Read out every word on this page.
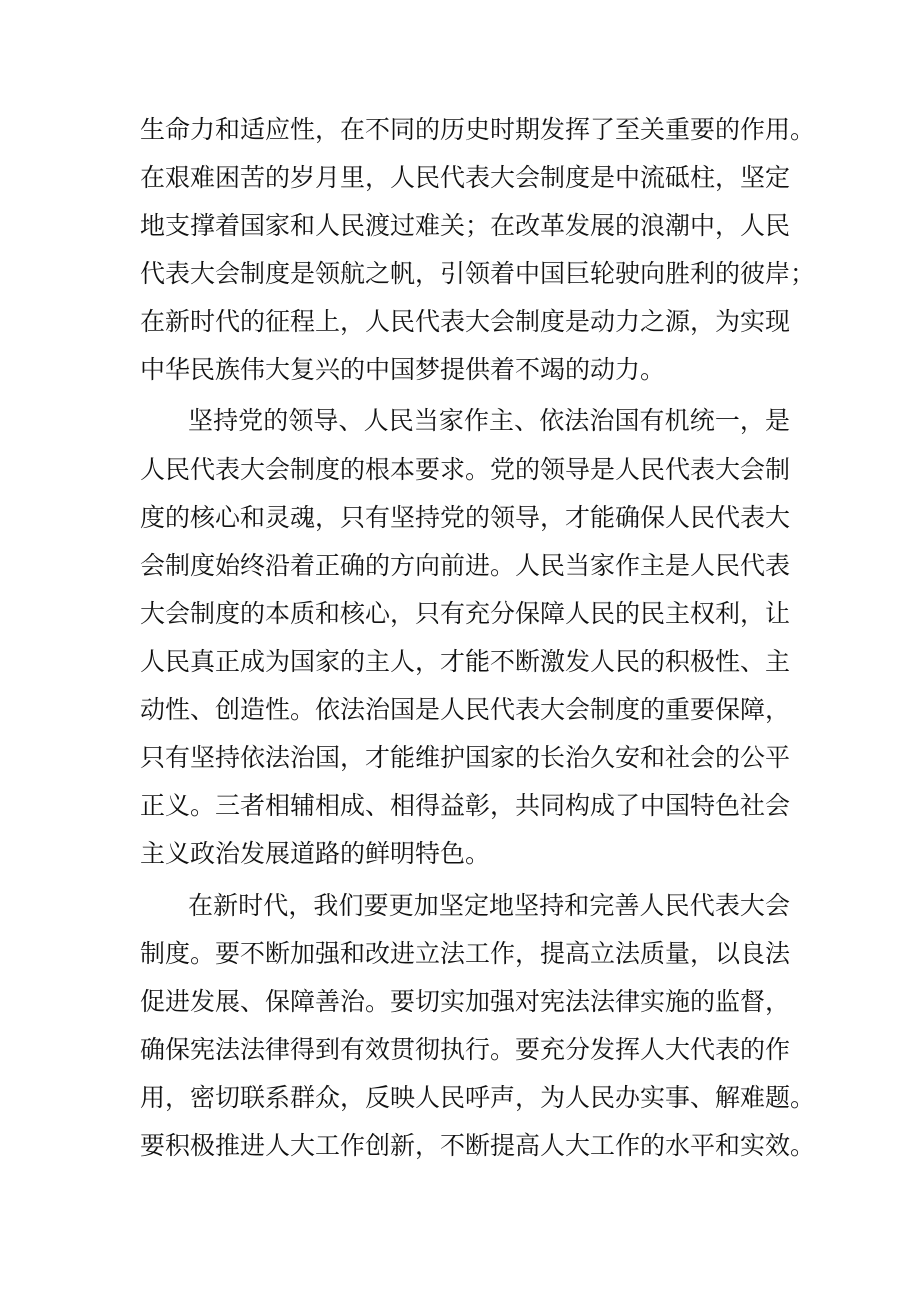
生命力和适应性，在不同的历史时期发挥了至关重要的作用。
在艰难困苦的岁月里，人民代表大会制度是中流砥柱，坚定
地支撑着国家和人民渡过难关；在改革发展的浪潮中，人民
代表大会制度是领航之帆，引领着中国巨轮驶向胜利的彼岸；
在新时代的征程上，人民代表大会制度是动力之源，为实现
中华民族伟大复兴的中国梦提供着不竭的动力。
坚持党的领导、人民当家作主、依法治国有机统一，是
人民代表大会制度的根本要求。党的领导是人民代表大会制
度的核心和灵魂，只有坚持党的领导，才能确保人民代表大
会制度始终沿着正确的方向前进。人民当家作主是人民代表
大会制度的本质和核心，只有充分保障人民的民主权利，让
人民真正成为国家的主人，才能不断激发人民的积极性、主
动性、创造性。依法治国是人民代表大会制度的重要保障，
只有坚持依法治国，才能维护国家的长治久安和社会的公平
正义。三者相辅相成、相得益彰，共同构成了中国特色社会
主义政治发展道路的鲜明特色。
在新时代，我们要更加坚定地坚持和完善人民代表大会
制度。要不断加强和改进立法工作，提高立法质量，以良法
促进发展、保障善治。要切实加强对宪法法律实施的监督，
确保宪法法律得到有效贯彻执行。要充分发挥人大代表的作
用，密切联系群众，反映人民呼声，为人民办实事、解难题。
要积极推进人大工作创新，不断提高人大工作的水平和实效。
